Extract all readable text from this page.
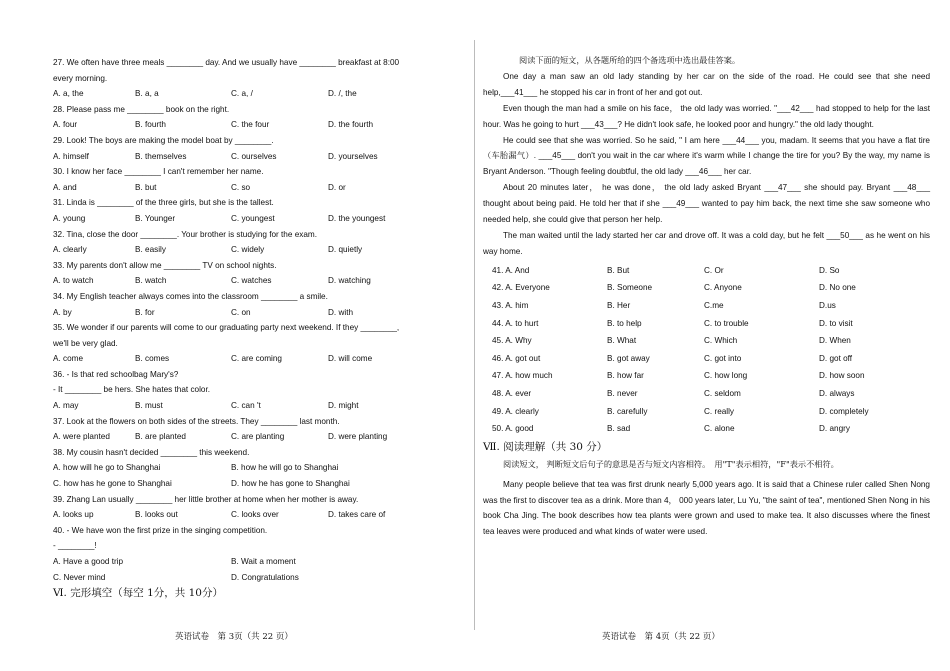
27. We often have three meals ________ day. And we usually have ________ breakfast at 8:00
every morning.
A. a, the	B. a, a	C. a, /	D. /, the
28. Please pass me ________ book on the right.
A. four	B. fourth	C. the four	D. the fourth
29. Look! The boys are making the model boat by ________.
A. himself	B. themselves	C. ourselves	D. yourselves
30. I know her face ________ I can't remember her name.
A. and	B. but	C. so	D. or
31. Linda is ________ of the three girls, but she is the tallest.
A. young	B. Younger	C. youngest	D. the youngest
32. Tina, close the door ________. Your brother is studying for the exam.
A. clearly	B. easily	C. widely	D. quietly
33. My parents don't allow me ________ TV on school nights.
A. to watch	B. watch	C. watches	D. watching
34. My English teacher always comes into the classroom ________ a smile.
A. by	B. for	C. on	D. with
35. We wonder if our parents will come to our graduating party next weekend. If they ________,
we'll be very glad.
A. come	B. comes	C. are coming	D. will come
36. - Is that red schoolbag Mary's?
- It ________ be hers. She hates that color.
A. may	B. must	C. can 't	D. might
37. Look at the flowers on both sides of the streets. They ________ last month.
A. were planted	B. are planted	C. are planting	D. were planting
38. My cousin hasn't decided ________ this weekend.
A. how will he go to Shanghai	B. how he will go to Shanghai
C. how has he gone to Shanghai	D. how he has gone to Shanghai
39. Zhang Lan usually ________ her little brother at home when her mother is away.
A. looks up	B. looks out	C. looks over	D. takes care of
40. - We have won the first prize in the singing competition.
- ________!
A. Have a good trip	B. Wait a moment
C. Never mind	D. Congratulations
Ⅵ. 完形填空（每空 1分，共 10分）
英语试卷　第 3页（共 22 页）
阅读下面的短文，从各题所给的四个备选项中选出最佳答案。

One day a man saw an old lady standing by her car on the side of the road. He could see that she need help,___41___ he stopped his car in front of her and got out.

Even though the man had a smile on his face， the old lady was worried. "___42___ had stopped to help for the last hour. Was he going to hurt ___43___? He didn't look safe, he looked poor and hungry." the old lady thought.

He could see that she was worried. So he said, " I am here ___44___ you, madam. It seems that you have a flat tire（车胎漏气）. ___45___ don't you wait in the car where it's warm while I change the tire for you? By the way, my name is Bryant Anderson. "Though feeling doubtful, the old lady ___46___ her car.

About 20 minutes later， he was done， the old lady asked Bryant ___47___ she should pay. Bryant ___48___ thought about being paid. He told her that if she ___49___ wanted to pay him back, the next time she saw someone who needed help, she could give that person her help.

The man waited until the lady started her car and drove off. It was a cold day, but he felt ___50___ as he went on his way home.

41. A. And	B. But	C. Or	D. So
42. A. Everyone	B. Someone	C. Anyone	D. No one
43. A. him	B. Her	C.me	D.us
44. A. to hurt	B. to help	C. to trouble	D. to visit
45. A. Why	B. What	C. Which	D. When
46. A. got out	B. got away	C. got into	D. got off
47. A. how much	B. how far	C. how long	D. how soon
48. A. ever	B. never	C. seldom	D. always
49. A. clearly	B. carefully	C. really	D. completely
50. A. good	B. sad	C. alone	D. angry
Ⅶ. 阅读理解（共 30 分）

阅读短文， 判断短文后句子的意思是否与短文内容相符。　用"T"表示相符，"F"表示不相符。

Many people believe that tea was first drunk nearly 5,000 years ago. It is said that a Chinese ruler called Shen Nong was the first to discover tea as a drink. More than 4， 000 years later, Lu Yu, "the saint of tea", mentioned Shen Nong in his book Cha Jing. The book describes how tea plants were grown and used to make tea. It also discusses where the finest tea leaves were produced and what kinds of water were used.

英语试卷　第 4页（共 22 页）
